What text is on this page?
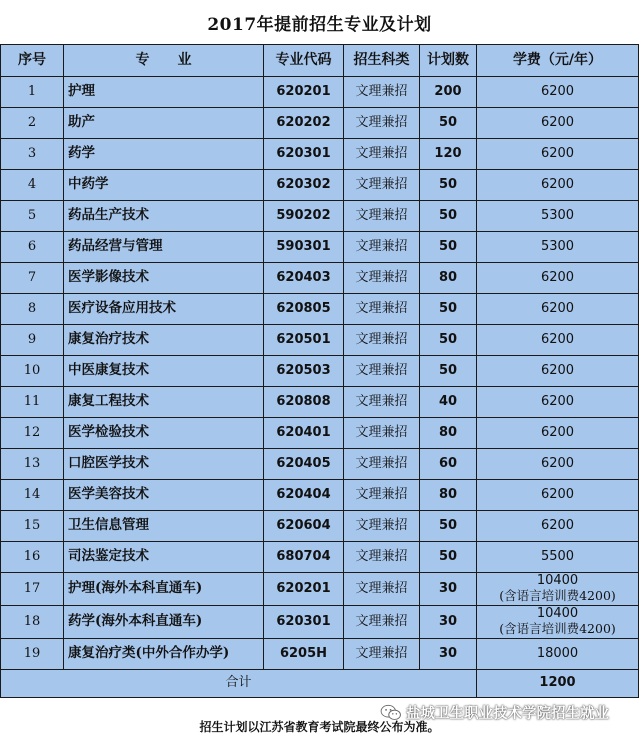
2017年提前招生专业及计划
序号	专　　业	专业代码	招生科类	计划数	学费（元/年）
1	护理	620201	文理兼招	200	6200
2	助产	620202	文理兼招	50	6200
3	药学	620301	文理兼招	120	6200
4	中药学	620302	文理兼招	50	6200
5	药品生产技术	590202	文理兼招	50	5300
6	药品经营与管理	590301	文理兼招	50	5300
7	医学影像技术	620403	文理兼招	80	6200
8	医疗设备应用技术	620805	文理兼招	50	6200
9	康复治疗技术	620501	文理兼招	50	6200
10	中医康复技术	620503	文理兼招	50	6200
11	康复工程技术	620808	文理兼招	40	6200
12	医学检验技术	620401	文理兼招	80	6200
13	口腔医学技术	620405	文理兼招	60	6200
14	医学美容技术	620404	文理兼招	80	6200
15	卫生信息管理	620604	文理兼招	50	6200
16	司法鉴定技术	680704	文理兼招	50	5500
17	护理(海外本科直通车)	620201	文理兼招	30	10400
(含语言培训费4200)

18	药学(海外本科直通车)	620301	文理兼招	30	10400
(含语言培训费4200)

19	康复治疗类(中外合作办学)	6205H	文理兼招	30	18000
合计					1200
招生计划以江苏省教育考试院最终公布为准。
盐城卫生职业技术学院招生就业
